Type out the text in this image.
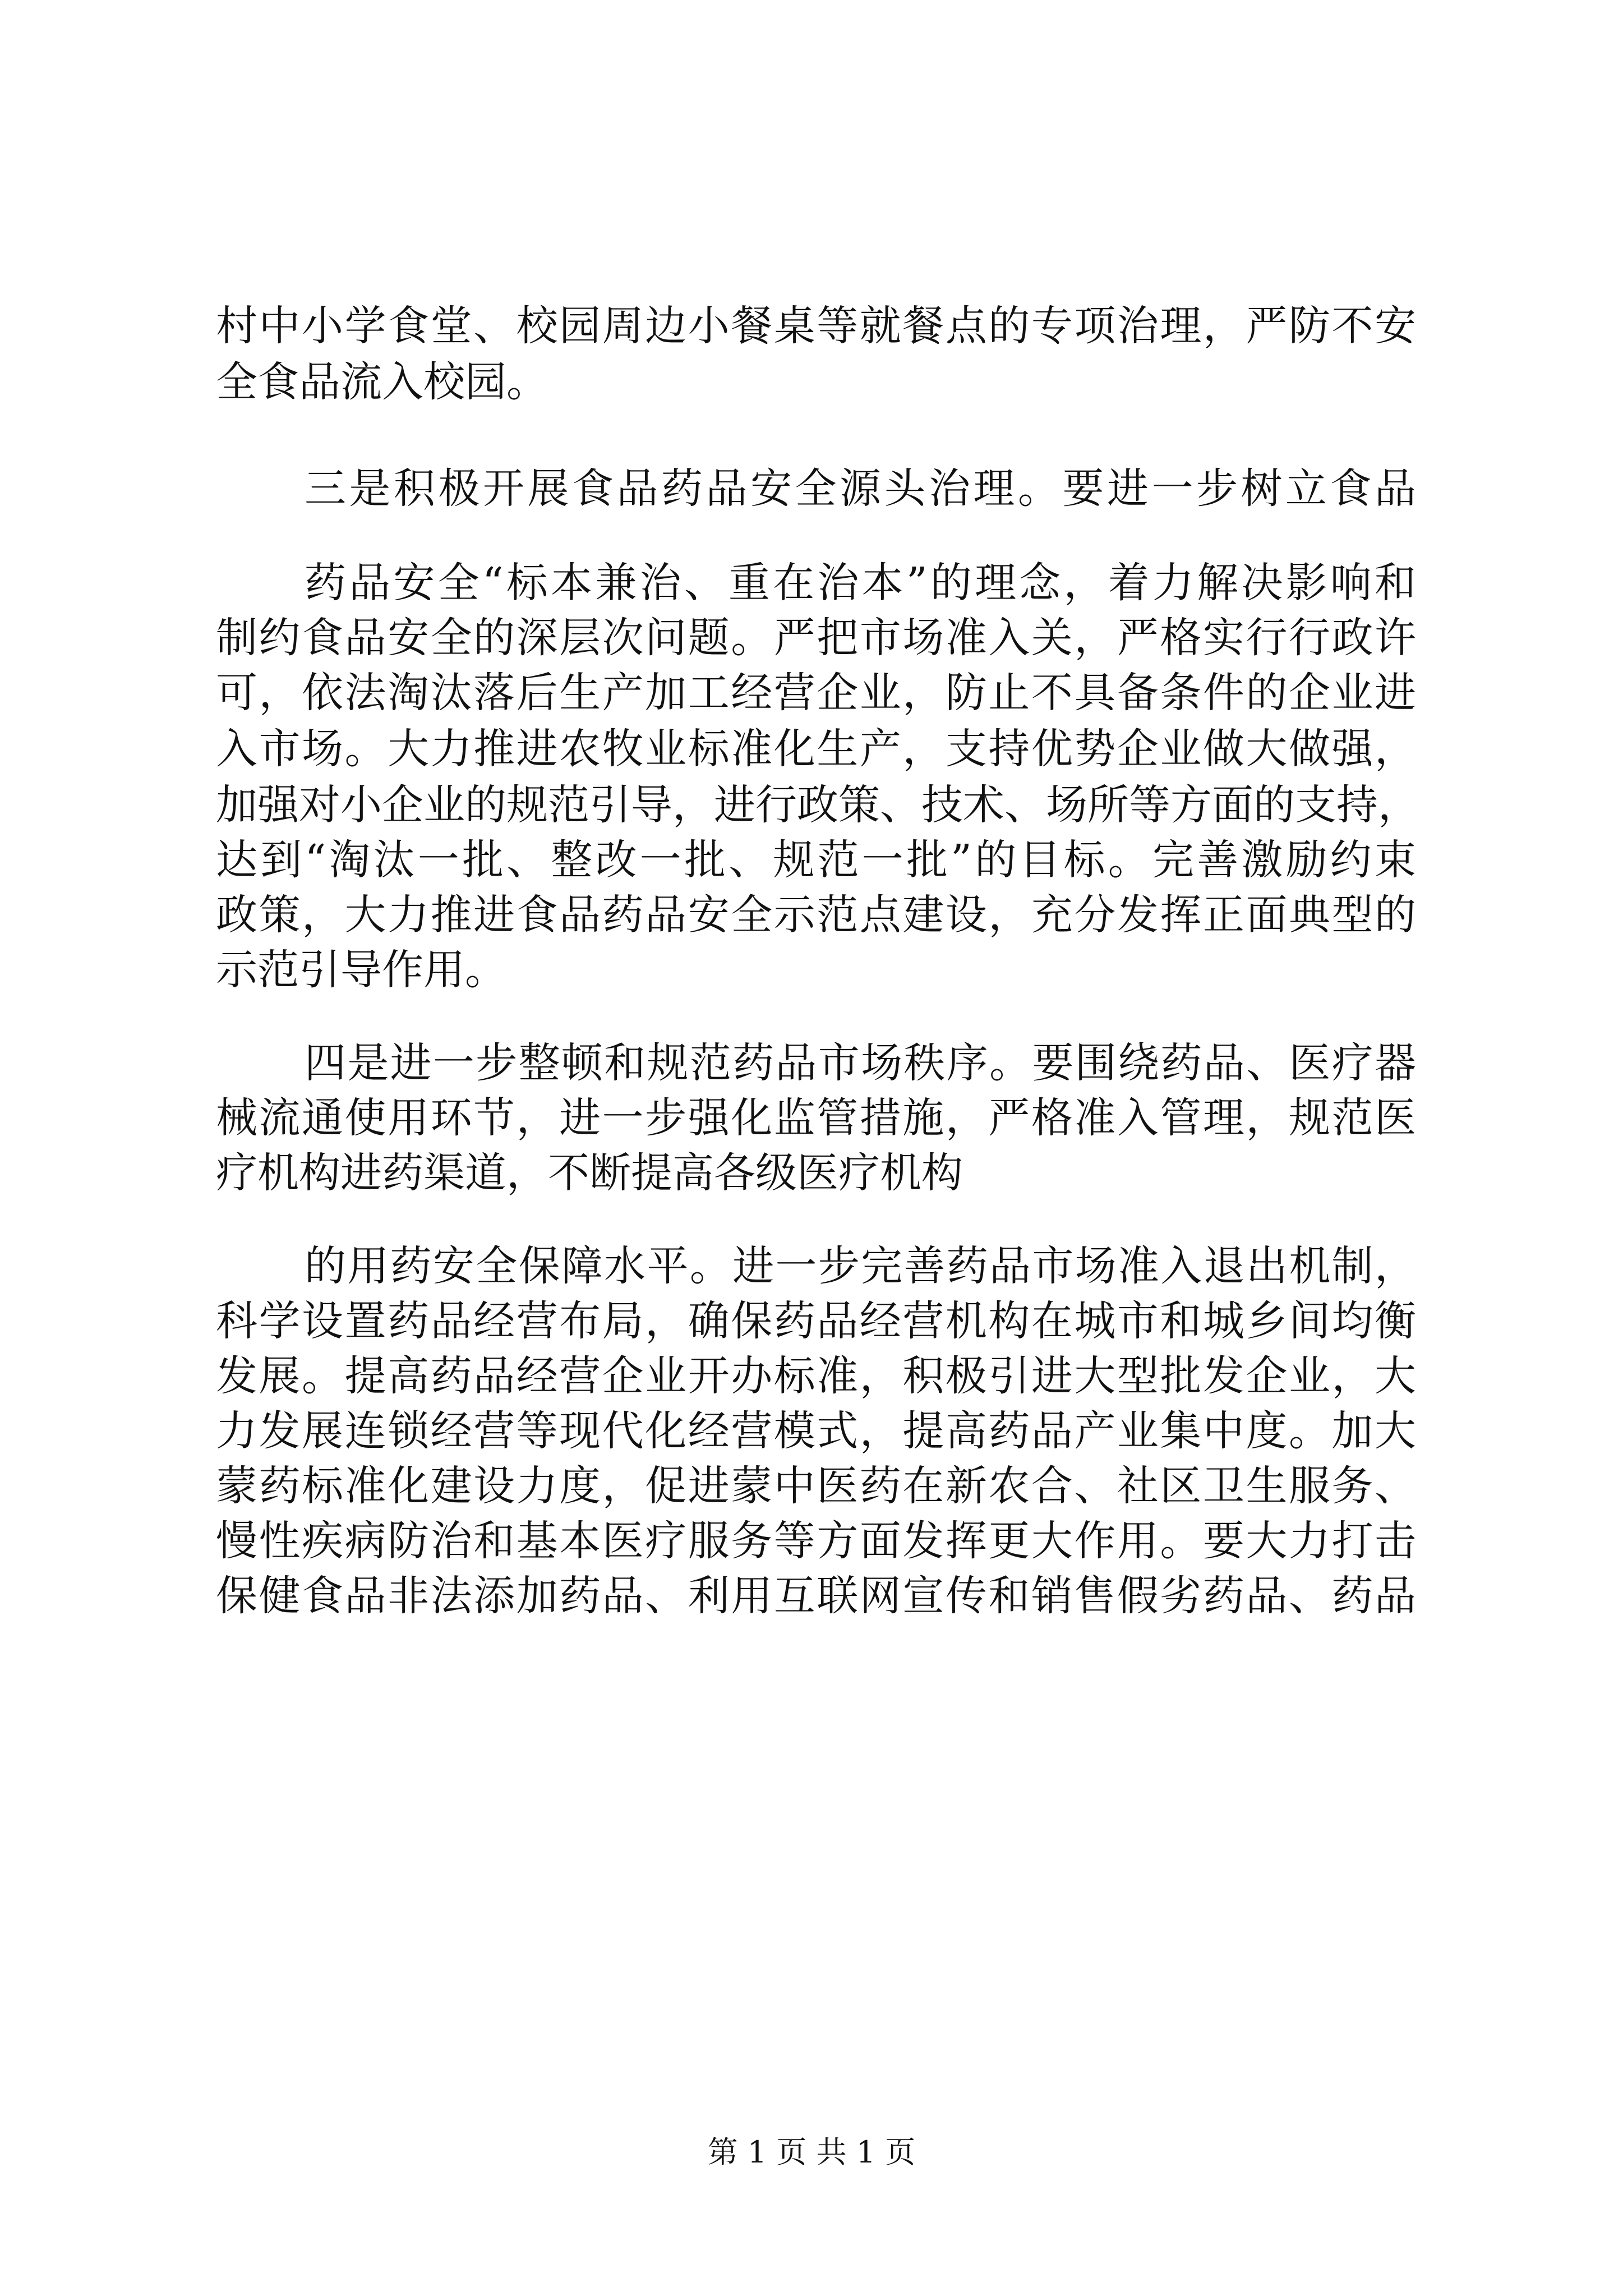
村中小学食堂、校园周边小餐桌等就餐点的专项治理，严防不安
全食品流入校园。
三是积极开展食品药品安全源头治理。要进一步树立食品
药品安全“标本兼治、重在治本”的理念，着力解决影响和
制约食品安全的深层次问题。严把市场准入关，严格实行行政许
可，依法淘汰落后生产加工经营企业，防止不具备条件的企业进
入市场。大力推进农牧业标准化生产，支持优势企业做大做强，
加强对小企业的规范引导，进行政策、技术、场所等方面的支持，
达到“淘汰一批、整改一批、规范一批”的目标。完善激励约束
政策，大力推进食品药品安全示范点建设，充分发挥正面典型的
示范引导作用。
四是进一步整顿和规范药品市场秩序。要围绕药品、医疗器
械流通使用环节，进一步强化监管措施，严格准入管理，规范医
疗机构进药渠道，不断提高各级医疗机构
的用药安全保障水平。进一步完善药品市场准入退出机制，
科学设置药品经营布局，确保药品经营机构在城市和城乡间均衡
发展。提高药品经营企业开办标准，积极引进大型批发企业，大
力发展连锁经营等现代化经营模式，提高药品产业集中度。加大
蒙药标准化建设力度，促进蒙中医药在新农合、社区卫生服务、
慢性疾病防治和基本医疗服务等方面发挥更大作用。要大力打击
保健食品非法添加药品、利用互联网宣传和销售假劣药品、药品
第 1 页 共 1 页
